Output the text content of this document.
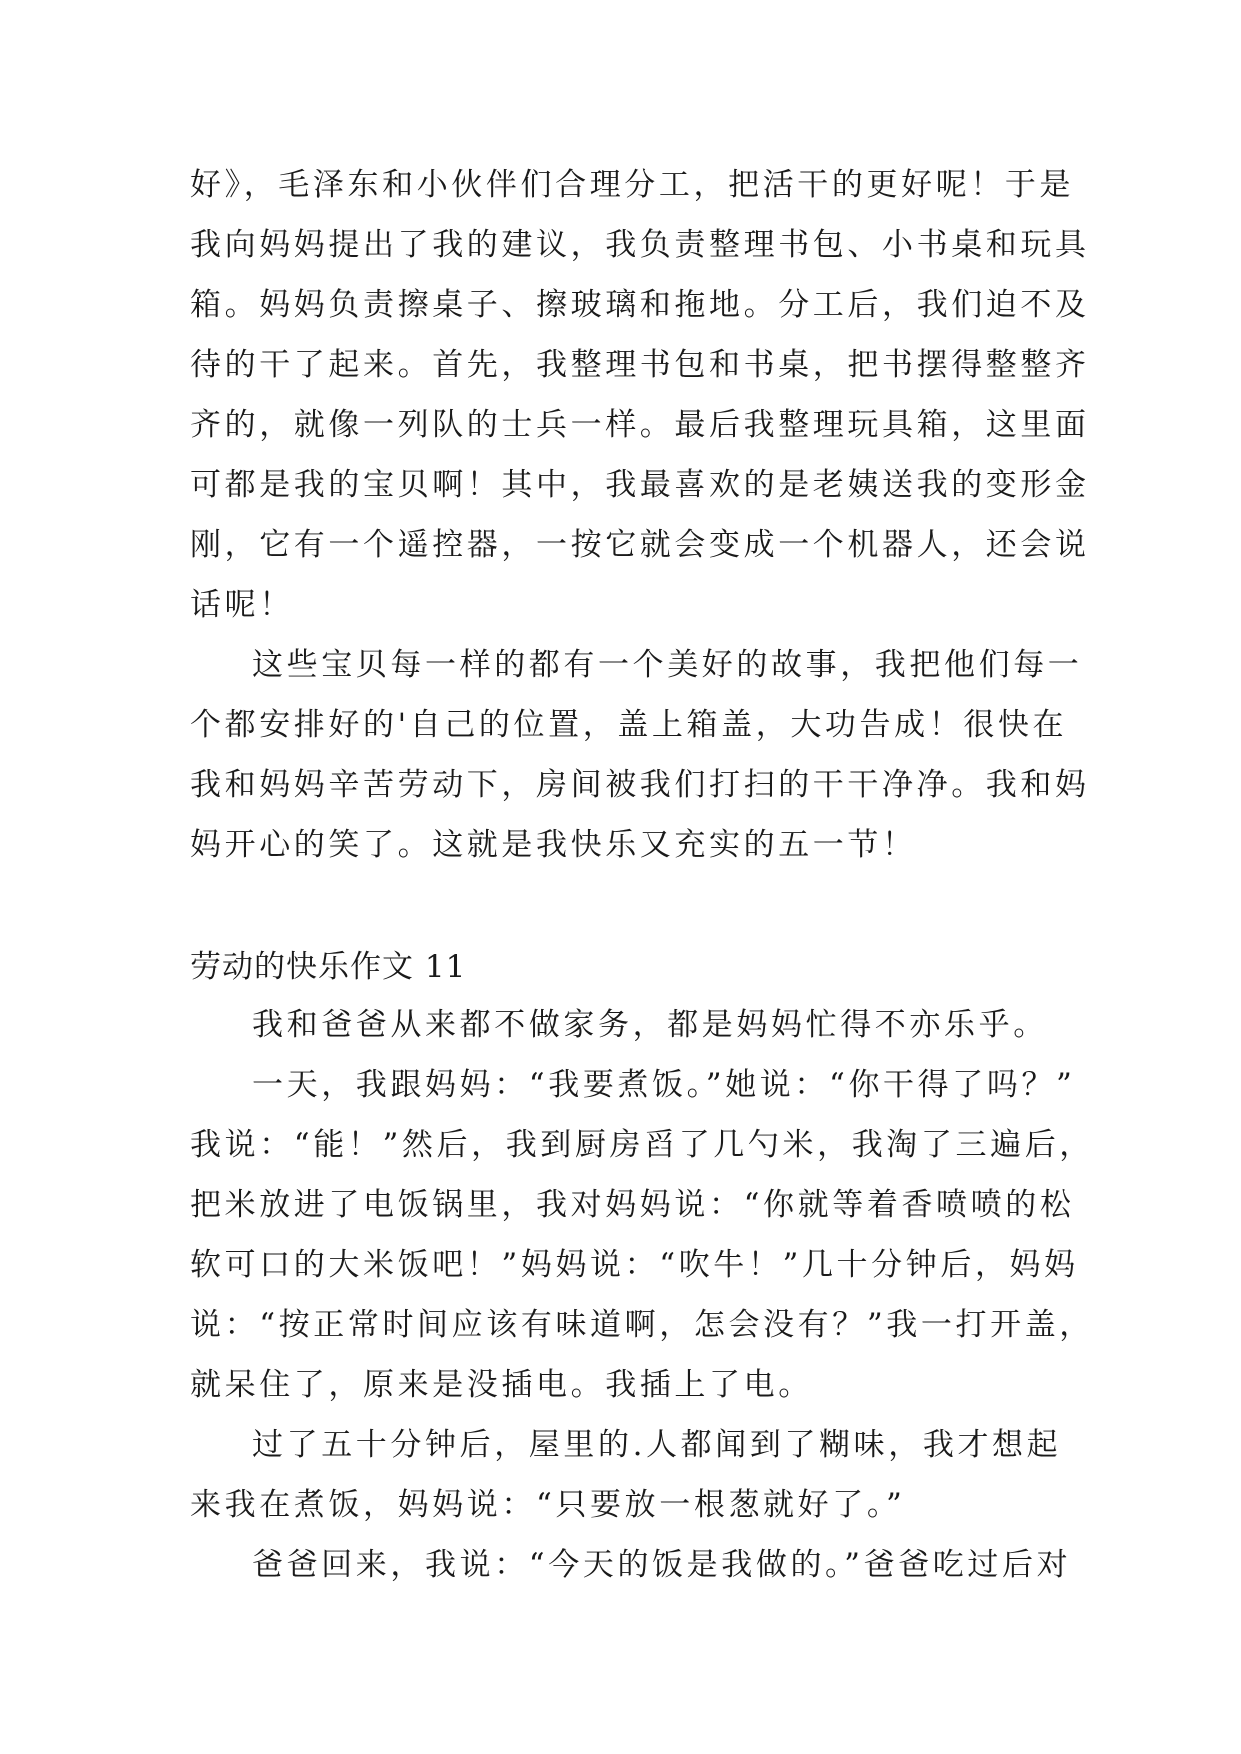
好》，毛泽东和小伙伴们合理分工，把活干的更好呢！于是
我向妈妈提出了我的建议，我负责整理书包、小书桌和玩具
箱。妈妈负责擦桌子、擦玻璃和拖地。分工后，我们迫不及
待的干了起来。首先，我整理书包和书桌，把书摆得整整齐
齐的，就像一列队的士兵一样。最后我整理玩具箱，这里面
可都是我的宝贝啊！其中，我最喜欢的是老姨送我的变形金
刚，它有一个遥控器，一按它就会变成一个机器人，还会说
话呢！
这些宝贝每一样的都有一个美好的故事，我把他们每一
个都安排好的'自己的位置，盖上箱盖，大功告成！很快在
我和妈妈辛苦劳动下，房间被我们打扫的干干净净。我和妈
妈开心的笑了。这就是我快乐又充实的五一节！
劳动的快乐作文 11
我和爸爸从来都不做家务，都是妈妈忙得不亦乐乎。
一天，我跟妈妈：“我要煮饭。”她说：“你干得了吗？”
我说：“能！”然后，我到厨房舀了几勺米，我淘了三遍后，
把米放进了电饭锅里，我对妈妈说：“你就等着香喷喷的松
软可口的大米饭吧！”妈妈说：“吹牛！”几十分钟后，妈妈
说：“按正常时间应该有味道啊，怎会没有？”我一打开盖，
就呆住了，原来是没插电。我插上了电。
过了五十分钟后，屋里的.人都闻到了糊味，我才想起
来我在煮饭，妈妈说：“只要放一根葱就好了。”
爸爸回来，我说：“今天的饭是我做的。”爸爸吃过后对
